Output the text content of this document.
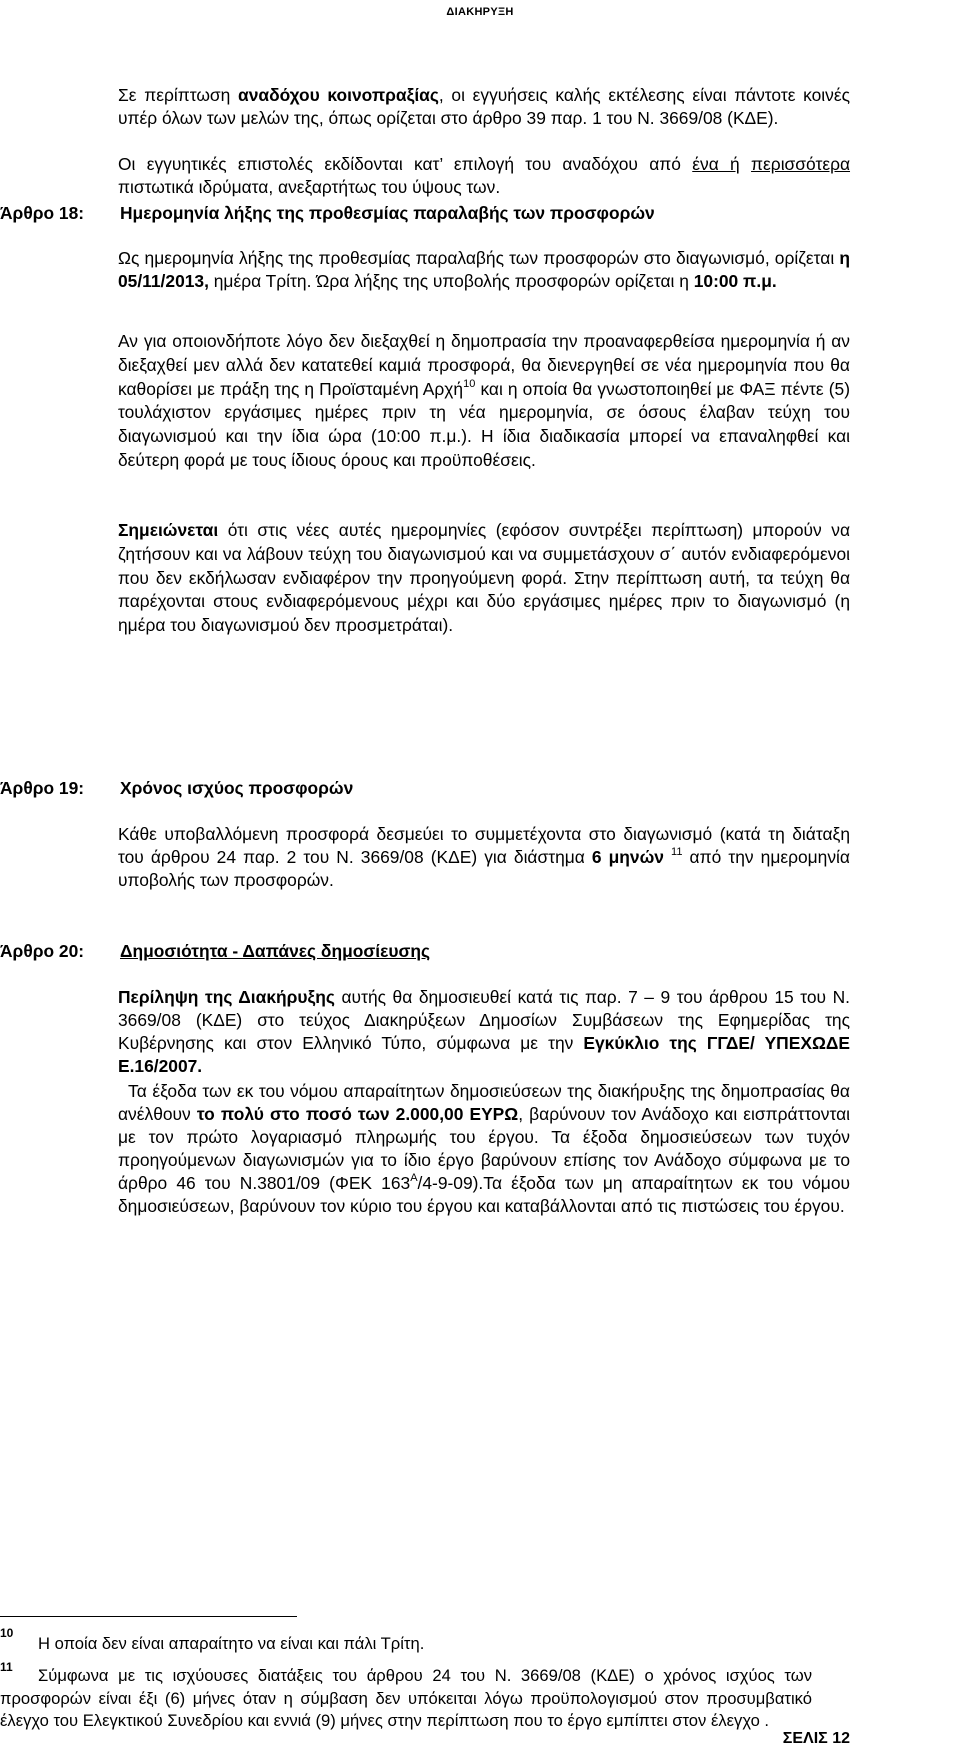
ΔΙΑΚΗΡΥΞΗ
Σε περίπτωση αναδόχου κοινοπραξίας, οι εγγυήσεις καλής εκτέλεσης είναι πάντοτε κοινές υπέρ όλων των μελών της, όπως ορίζεται στο άρθρο 39 παρ. 1 του Ν. 3669/08 (ΚΔΕ).
Οι εγγυητικές επιστολές εκδίδονται κατ’ επιλογή του αναδόχου από ένα ή περισσότερα πιστωτικά ιδρύματα, ανεξαρτήτως του ύψους των.
Άρθρο 18: Ημερομηνία λήξης της προθεσμίας παραλαβής των προσφορών
Ως ημερομηνία λήξης της προθεσμίας παραλαβής των προσφορών στο διαγωνισμό, ορίζεται η 05/11/2013, ημέρα Τρίτη. Ώρα λήξης της υποβολής προσφορών ορίζεται η 10:00 π.μ.
Αν για οποιονδήποτε λόγο δεν διεξαχθεί η δημοπρασία την προαναφερθείσα ημερομηνία ή αν διεξαχθεί μεν αλλά δεν κατατεθεί καμιά προσφορά, θα διενεργηθεί σε νέα ημερομηνία που θα καθορίσει με πράξη της η Προϊσταμένη Αρχή$^{10}$ και η οποία θα γνωστοποιηθεί με ΦΑΞ πέντε (5) τουλάχιστον εργάσιμες ημέρες πριν τη νέα ημερομηνία, σε όσους έλαβαν τεύχη του διαγωνισμού και την ίδια ώρα (10:00 π.μ.). Η ίδια διαδικασία μπορεί να επαναληφθεί και δεύτερη φορά με τους ίδιους όρους και προϋποθέσεις.
Σημειώνεται ότι στις νέες αυτές ημερομηνίες (εφόσον συντρέξει περίπτωση) μπορούν να ζητήσουν και να λάβουν τεύχη του διαγωνισμού και να συμμετάσχουν σ΄ αυτόν ενδιαφερόμενοι που δεν εκδήλωσαν ενδιαφέρον την προηγούμενη φορά. Στην περίπτωση αυτή, τα τεύχη θα παρέχονται στους ενδιαφερόμενους μέχρι και δύο εργάσιμες ημέρες πριν το διαγωνισμό (η ημέρα του διαγωνισμού δεν προσμετράται).
Άρθρο 19: Χρόνος ισχύος προσφορών
Κάθε υποβαλλόμενη προσφορά δεσμεύει το συμμετέχοντα στο διαγωνισμό (κατά τη διάταξη του άρθρου 24 παρ. 2 του Ν. 3669/08 (ΚΔΕ) για διάστημα 6 μηνών $^{11}$ από την ημερομηνία υποβολής των προσφορών.
Άρθρο 20: Δημοσιότητα - Δαπάνες δημοσίευσης
Περίληψη της Διακήρυξης αυτής θα δημοσιευθεί κατά τις παρ. 7 – 9 του άρθρου 15 του Ν. 3669/08 (ΚΔΕ) στο τεύχος Διακηρύξεων Δημοσίων Συμβάσεων της Εφημερίδας της Κυβέρνησης και στον Ελληνικό Τύπο, σύμφωνα με την Εγκύκλιο της ΓΓΔΕ/ ΥΠΕΧΩΔΕ Ε.16/2007.
Τα έξοδα των εκ του νόμου απαραίτητων δημοσιεύσεων της διακήρυξης της δημοπρασίας θα ανέλθουν το πολύ στο ποσό των 2.000,00 ΕΥΡΩ, βαρύνουν τον Ανάδοχο και εισπράττονται με τον πρώτο λογαριασμό πληρωμής του έργου. Τα έξοδα δημοσιεύσεων των τυχόν προηγούμενων διαγωνισμών για το ίδιο έργο βαρύνουν επίσης τον Ανάδοχο σύμφωνα με το άρθρο 46 του Ν.3801/09 (ΦΕΚ $163^A/4-9-09).T\alpha$ έξοδα των μη απαραίτητων εκ του νόμου δημοσιεύσεων, βαρύνουν τον κύριο του έργου και καταβάλλονται από τις πιστώσεις του έργου.
10
Η οποία δεν είναι απαραίτητο να είναι και πάλι Τρίτη.
11	Σύμφωνα με τις ισχύουσες διατάξεις του άρθρου 24 του Ν. 3669/08 (ΚΔΕ) ο χρόνος ισχύος των προσφορών είναι έξι (6) μήνες όταν η σύμβαση δεν υπόκειται λόγω προϋπολογισμού στον προσυμβατικό έλεγχο του Ελεγκτικού Συνεδρίου και εννιά (9) μήνες στην περίπτωση που το έργο εμπίπτει στον έλεγχο .
ΣΕΛΙΣ 12
